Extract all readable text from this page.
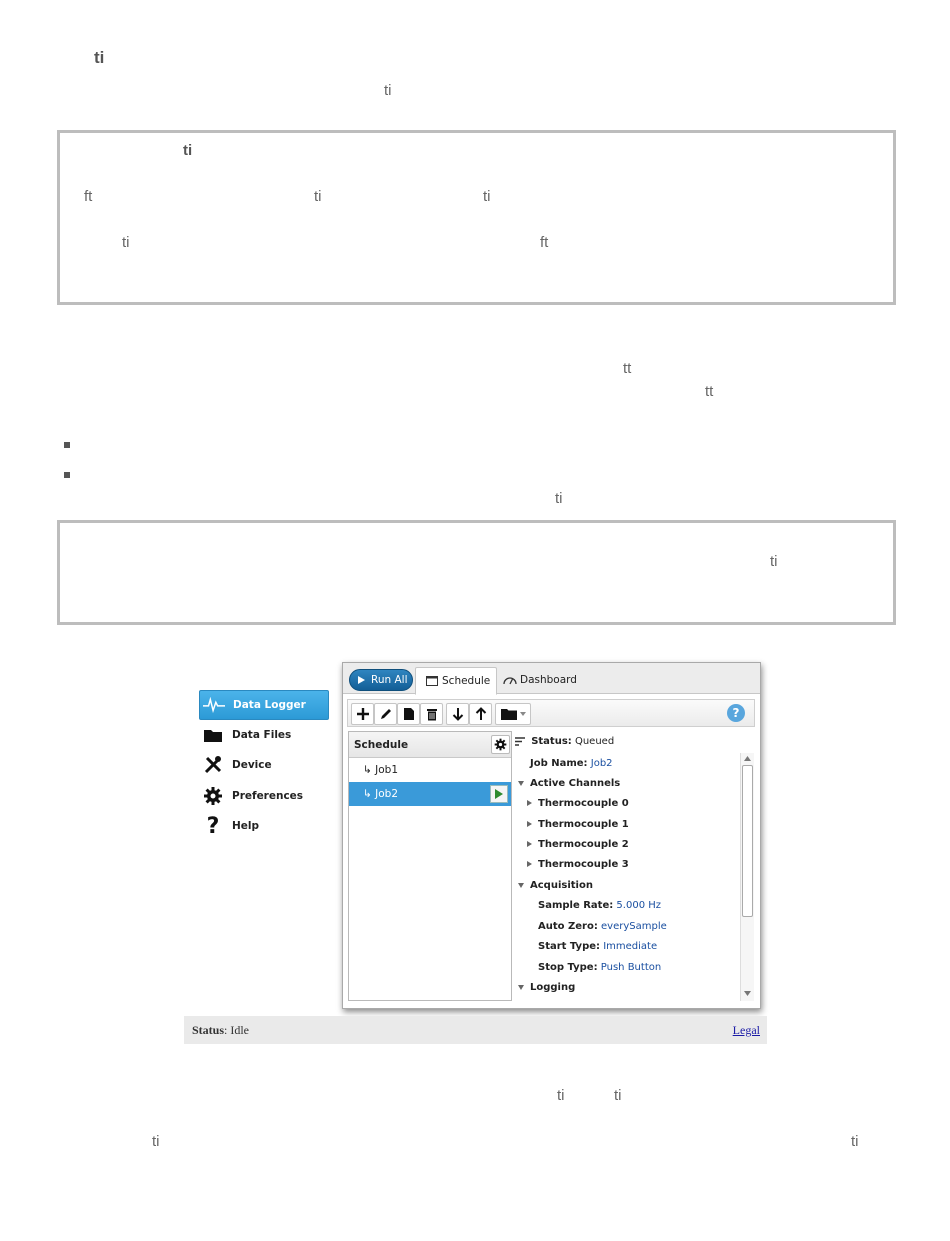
ti
ti
ti
ft	ti	ti
ti	ft
tt
tt
ti
ti
Data Logger
Data Files
Device
Preferences
?	Help
Run All	Schedule	Dashboard
?
Schedule
↳ Job1
↳ Job2
Status: Queued
Job Name: Job2
Active Channels
Thermocouple 0
Thermocouple 1
Thermocouple 2
Thermocouple 3
Acquisition
Sample Rate: 5.000 Hz
Auto Zero: everySample
Start Type: Immediate
Stop Type: Push Button
Logging
Status: Idle	Legal
ti	ti
ti	ti
